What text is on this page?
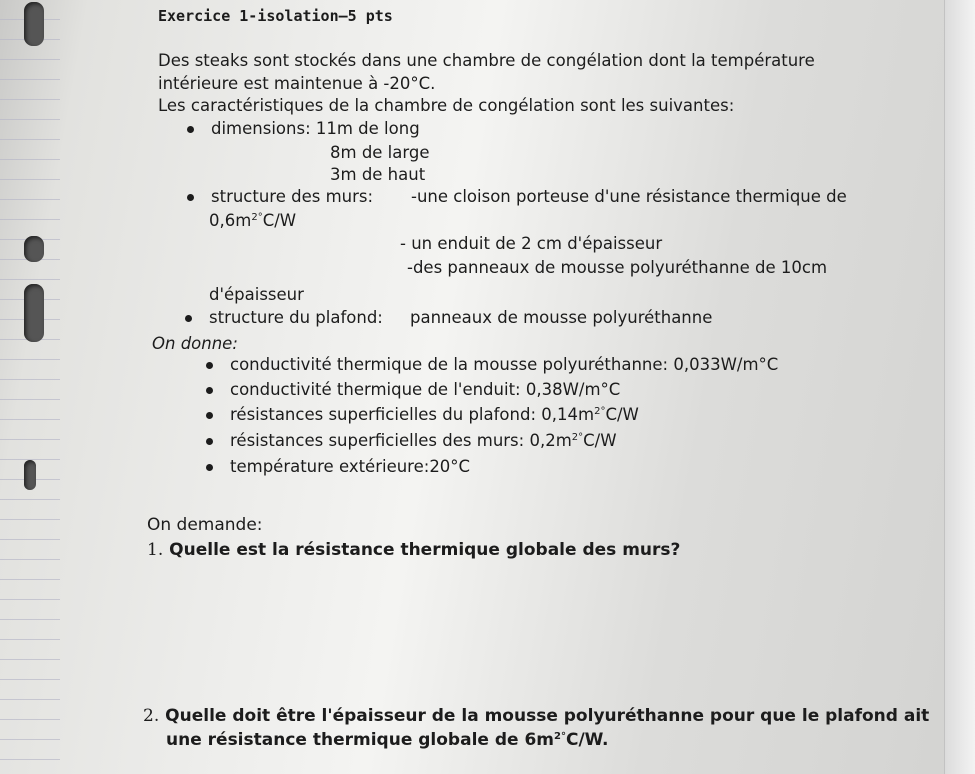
Exercice 1-isolation—5 pts
Des steaks sont stockés dans une chambre de congélation dont la température
intérieure est maintenue à -20°C.
Les caractéristiques de la chambre de congélation sont les suivantes:
dimensions: 11m de long
8m de large
3m de haut
structure des murs: -une cloison porteuse d'une résistance thermique de
$0,6m^{2^\circ}C/W$
- un enduit de 2 cm d'épaisseur
-des panneaux de mousse polyuréthanne de 10cm
d'épaisseur
structure du plafond: panneaux de mousse polyuréthanne
On donne:
conductivité thermique de la mousse polyuréthanne: 0,033W/m°C
conductivité thermique de l'enduit: 0,38W/m°C
résistances superficielles du plafond: $0,14m^{2^\circ}C/W$
résistances superficielles des murs: $0,2m^{2^\circ}C/W$
température extérieure:20°C
On demande:
1. Quelle est la résistance thermique globale des murs?
2. Quelle doit être l'épaisseur de la mousse polyuréthanne pour que le plafond ait
une résistance thermique globale de $6m^{2^\circ}C/W$.
